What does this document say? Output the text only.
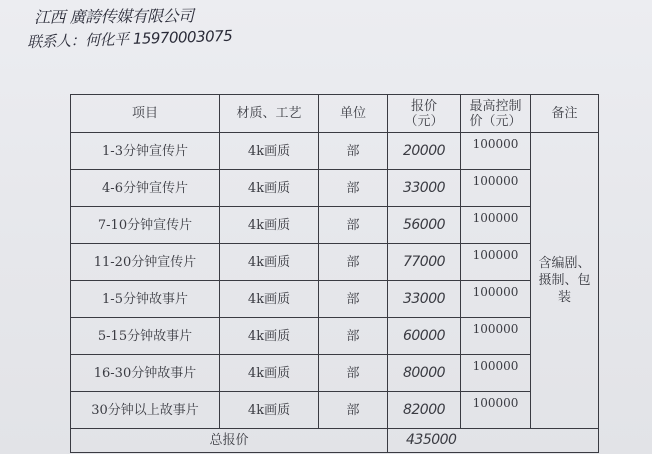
江西 廣誇传媒有限公司
联系人：何化平 15970003075
项目	材质、工艺	单位	报价（元）	最高控制价（元）	备注
1-3分钟宣传片	4k画质	部	20000	100000	含编剧、摄制、包装
4-6分钟宣传片	4k画质	部	33000	100000	
7-10分钟宣传片	4k画质	部	56000	100000	
11-20分钟宣传片	4k画质	部	77000	100000	
1-5分钟故事片	4k画质	部	33000	100000	
5-15分钟故事片	4k画质	部	60000	100000	
16-30分钟故事片	4k画质	部	80000	100000	
30分钟以上故事片	4k画质	部	82000	100000	
总报价			435000		
